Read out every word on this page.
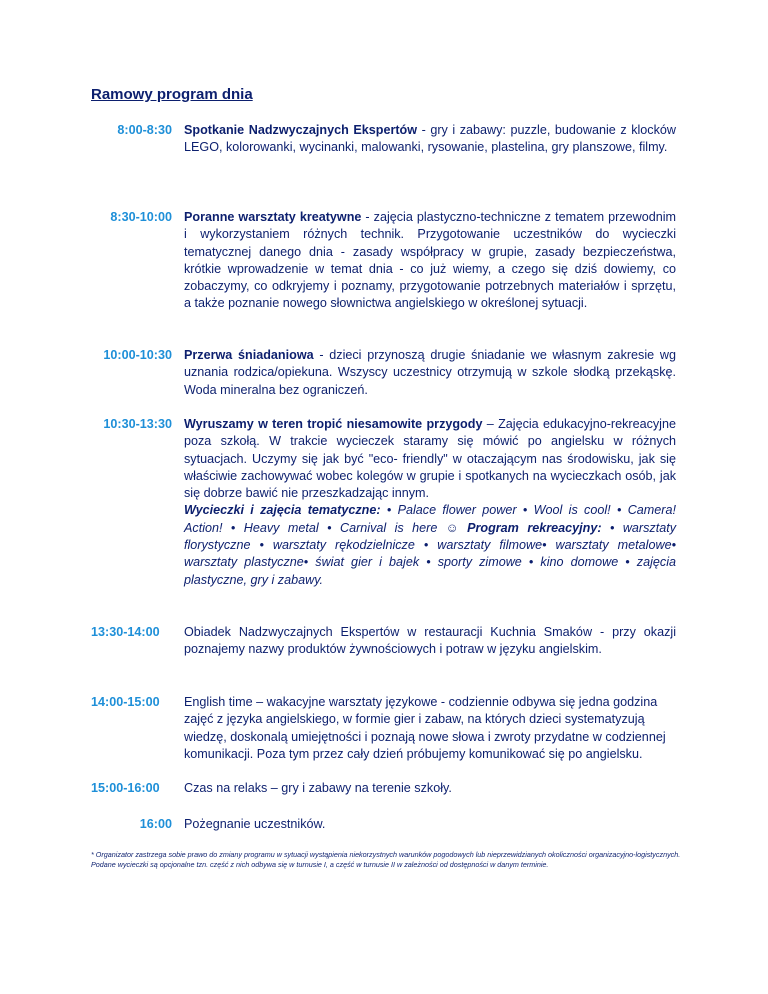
Ramowy program dnia
8:00-8:30 Spotkanie Nadzwyczajnych Ekspertów - gry i zabawy: puzzle, budowanie z klocków LEGO, kolorowanki, wycinanki, malowanki, rysowanie, plastelina, gry planszowe, filmy.
8:30-10:00 Poranne warsztaty kreatywne - zajęcia plastyczno-techniczne z tematem przewodnim i wykorzystaniem różnych technik. Przygotowanie uczestników do wycieczki tematycznej danego dnia - zasady współpracy w grupie, zasady bezpieczeństwa, krótkie wprowadzenie w temat dnia - co już wiemy, a czego się dziś dowiemy, co zobaczymy, co odkryjemy i poznamy, przygotowanie potrzebnych materiałów i sprzętu, a także poznanie nowego słownictwa angielskiego w określonej sytuacji.
10:00-10:30 Przerwa śniadaniowa - dzieci przynoszą drugie śniadanie we własnym zakresie wg uznania rodzica/opiekuna. Wszyscy uczestnicy otrzymują w szkole słodką przekąskę. Woda mineralna bez ograniczeń.
10:30-13:30 Wyruszamy w teren tropić niesamowite przygody – Zajęcia edukacyjno-rekreacyjne poza szkołą. W trakcie wycieczek staramy się mówić po angielsku w różnych sytuacjach. Uczymy się jak być "eco- friendly" w otaczającym nas środowisku, jak się właściwie zachowywać wobec kolegów w grupie i spotkanych na wycieczkach osób, jak się dobrze bawić nie przeszkadzając innym.
Wycieczki i zajęcia tematyczne: • Palace flower power • Wool is cool! • Camera! Action! • Heavy metal • Carnival is here ☺ Program rekreacyjny: • warsztaty florystyczne • warsztaty rękodzielnicze • warsztaty filmowe• warsztaty metalowe• warsztaty plastyczne• świat gier i bajek • sporty zimowe • kino domowe • zajęcia plastyczne, gry i zabawy.
13:30-14:00	Obiadek Nadzwyczajnych Ekspertów w restauracji Kuchnia Smaków - przy okazji poznajemy nazwy produktów żywnościowych i potraw w języku angielskim.
14:00-15:00	English time – wakacyjne warsztaty językowe - codziennie odbywa się jedna godzina zajęć z języka angielskiego, w formie gier i zabaw, na których dzieci systematyzują wiedzę, doskonalą umiejętności i poznają nowe słowa i zwroty przydatne w codziennej komunikacji. Poza tym przez cały dzień próbujemy komunikować się po angielsku.
15:00-16:00	Czas na relaks – gry i zabawy na terenie szkoły.
16:00 Pożegnanie uczestników.
* Organizator zastrzega sobie prawo do zmiany programu w sytuacji wystąpienia niekorzystnych warunków pogodowych lub nieprzewidzianych okoliczności organizacyjno-logistycznych. Podane wycieczki są opcjonalne tzn. część z nich odbywa się w turnusie I, a część w turnusie II w zależności od dostępności w danym terminie.
